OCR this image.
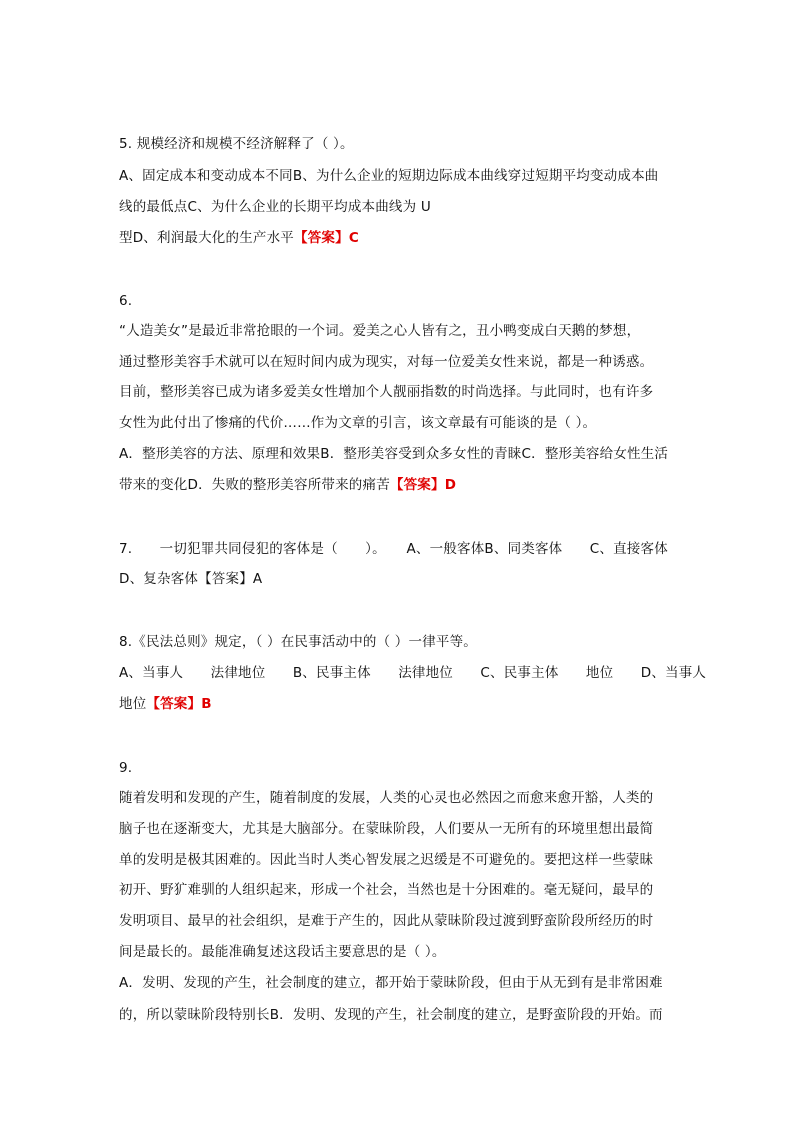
5. 规模经济和规模不经济解释了（ ）。
A、固定成本和变动成本不同B、为什么企业的短期边际成本曲线穿过短期平均变动成本曲
线的最低点C、为什么企业的长期平均成本曲线为 U
型D、利润最大化的生产水平【答案】C
6.
“人造美女”是最近非常抢眼的一个词。爱美之心人皆有之，丑小鸭变成白天鹅的梦想，
通过整形美容手术就可以在短时间内成为现实，对每一位爱美女性来说，都是一种诱惑。
目前，整形美容已成为诸多爱美女性增加个人靓丽指数的时尚选择。与此同时，也有许多
女性为此付出了惨痛的代价……作为文章的引言，该文章最有可能谈的是（ ）。
A．整形美容的方法、原理和效果B．整形美容受到众多女性的青睐C．整形美容给女性生活
带来的变化D．失败的整形美容所带来的痛苦【答案】D
7.　　一切犯罪共同侵犯的客体是（　　）。　　A、一般客体B、同类客体　　C、直接客体
D、复杂客体【答案】A
8.《民法总则》规定，（ ）在民事活动中的（ ）一律平等。
A、当事人　　法律地位　　B、民事主体　　法律地位　　C、民事主体　　地位　　D、当事人
地位【答案】B
9.
随着发明和发现的产生，随着制度的发展，人类的心灵也必然因之而愈来愈开豁，人类的
脑子也在逐渐变大，尤其是大脑部分。在蒙昧阶段，人们要从一无所有的环境里想出最简
单的发明是极其困难的。因此当时人类心智发展之迟缓是不可避免的。要把这样一些蒙昧
初开、野犷难驯的人组织起来，形成一个社会，当然也是十分困难的。毫无疑问，最早的
发明项目、最早的社会组织，是难于产生的，因此从蒙昧阶段过渡到野蛮阶段所经历的时
间是最长的。最能准确复述这段话主要意思的是（ ）。
A．发明、发现的产生，社会制度的建立，都开始于蒙昧阶段，但由于从无到有是非常困难
的，所以蒙昧阶段特别长B．发明、发现的产生，社会制度的建立，是野蛮阶段的开始。而
